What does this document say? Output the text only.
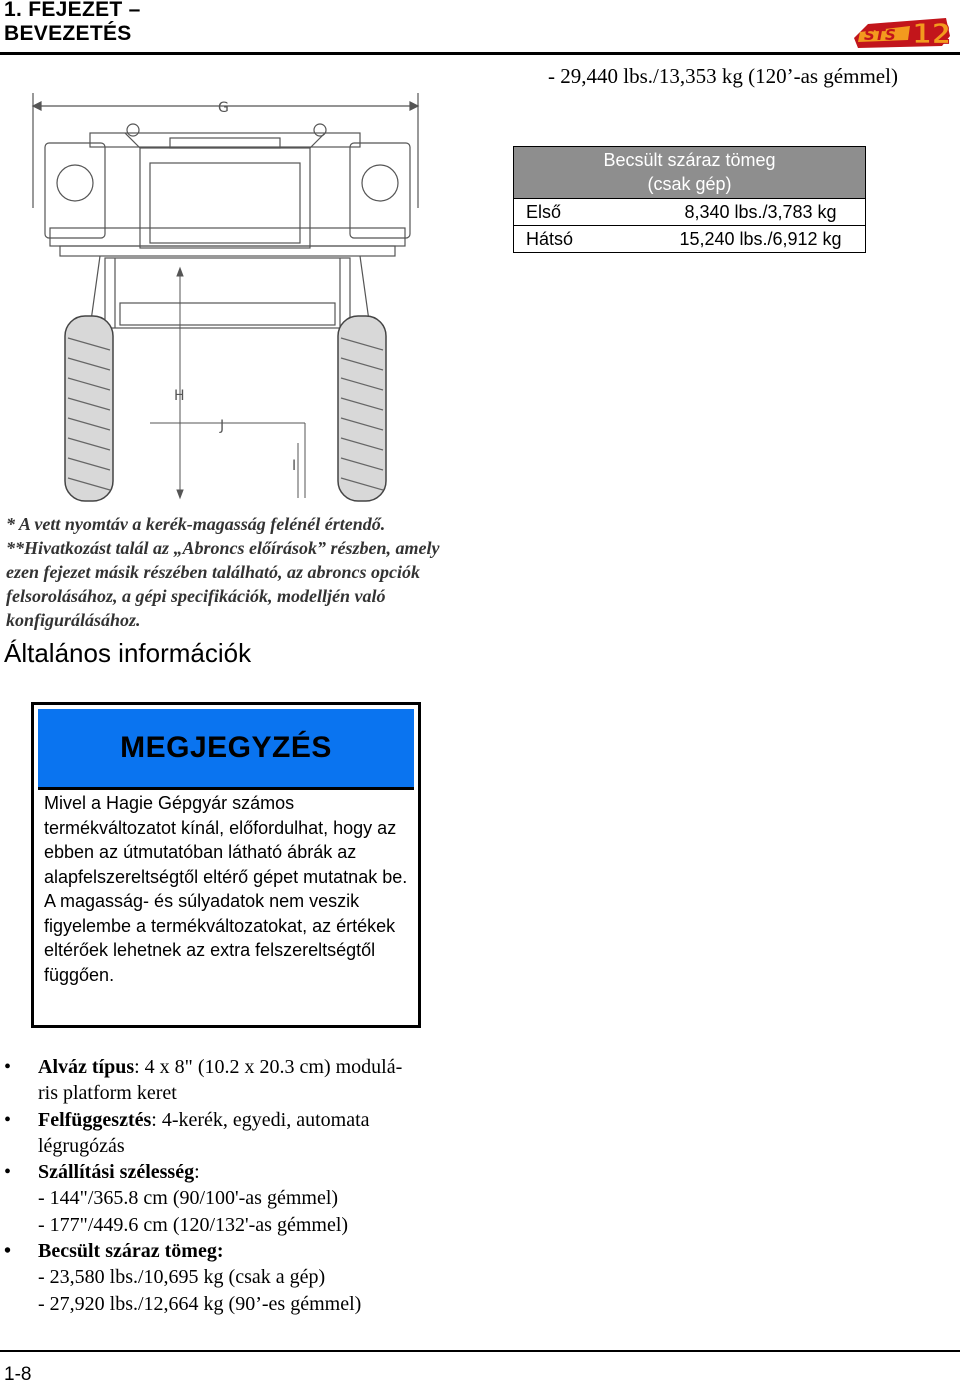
1. FEJEZET –
BEVEZETÉS	STS 12
- 29,440 lbs./13,353 kg (120’-as gémmel)
Becsült száraz tömeg
(csak gép)	
Első	8,340 lbs./3,783 kg
Hátsó	15,240 lbs./6,912 kg
G
H
J
I

* A vett nyomtáv a kerék-magasság felénél értendő.

**Hivatkozást talál az „Abroncs előírások” részben, amely ezen fejezet másik részében található, az abroncs opciók felsorolásához, a gépi specifikációk, modelljén való konfigurálásához.

Általános információk
MEGJEGYZÉS
Mivel a Hagie Gépgyár számos termékváltozatot kínál, előfordulhat, hogy az ebben az útmutatóban látható ábrák az alapfelszereltségtől eltérő gépet mutatnak be. A magasság- és súlyadatok nem veszik figyelembe a termékváltozatokat, az értékek eltérőek lehetnek az extra felszereltségtől függően.
•	Alváz típus: 4 x 8" (10.2 x 20.3 cm) modulá-
ris platform keret
•	Felfüggesztés: 4-kerék, egyedi, automata
légrugózás
•	Szállítási szélesség:
- 144"/365.8 cm (90/100'-as gémmel)
- 177"/449.6 cm (120/132'-as gémmel)
•	Becsült száraz tömeg:
- 23,580 lbs./10,695 kg (csak a gép)
- 27,920 lbs./12,664 kg (90’-es gémmel)
1-8
